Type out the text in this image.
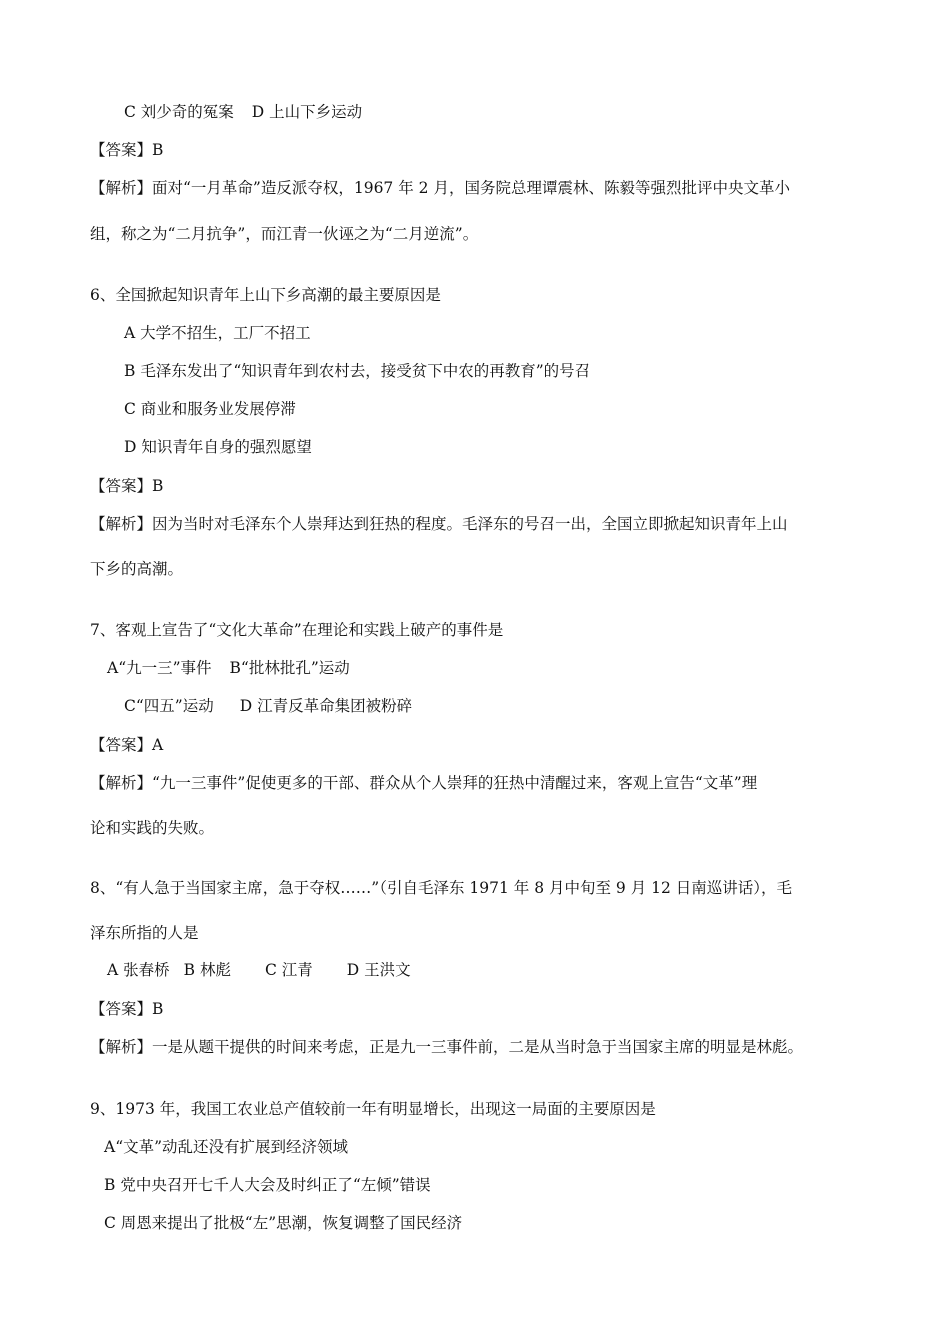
C 刘少奇的冤案 D 上山下乡运动
【答案】B
【解析】面对“一月革命”造反派夺权，1967 年 2 月，国务院总理谭震林、陈毅等强烈批评中央文革小
组，称之为“二月抗争”，而江青一伙诬之为“二月逆流”。
6、全国掀起知识青年上山下乡高潮的最主要原因是
A 大学不招生，工厂不招工
B 毛泽东发出了“知识青年到农村去，接受贫下中农的再教育”的号召
C 商业和服务业发展停滞
D 知识青年自身的强烈愿望
【答案】B
【解析】因为当时对毛泽东个人崇拜达到狂热的程度。毛泽东的号召一出，全国立即掀起知识青年上山
下乡的高潮。
7、客观上宣告了“文化大革命”在理论和实践上破产的事件是
A“九一三”事件 B“批林批孔”运动
C“四五”运动 D 江青反革命集团被粉碎
【答案】A
【解析】“九一三事件”促使更多的干部、群众从个人崇拜的狂热中清醒过来，客观上宣告“文革”理
论和实践的失败。
8、“有人急于当国家主席，急于夺权……”（引自毛泽东 1971 年 8 月中旬至 9 月 12 日南巡讲话），毛
泽东所指的人是
A 张春桥 B 林彪 C 江青 D 王洪文
【答案】B
【解析】一是从题干提供的时间来考虑，正是九一三事件前，二是从当时急于当国家主席的明显是林彪。
9、1973 年，我国工农业总产值较前一年有明显增长，出现这一局面的主要原因是
A“文革”动乱还没有扩展到经济领域
B 党中央召开七千人大会及时纠正了“左倾”错误
C 周恩来提出了批极“左”思潮，恢复调整了国民经济
